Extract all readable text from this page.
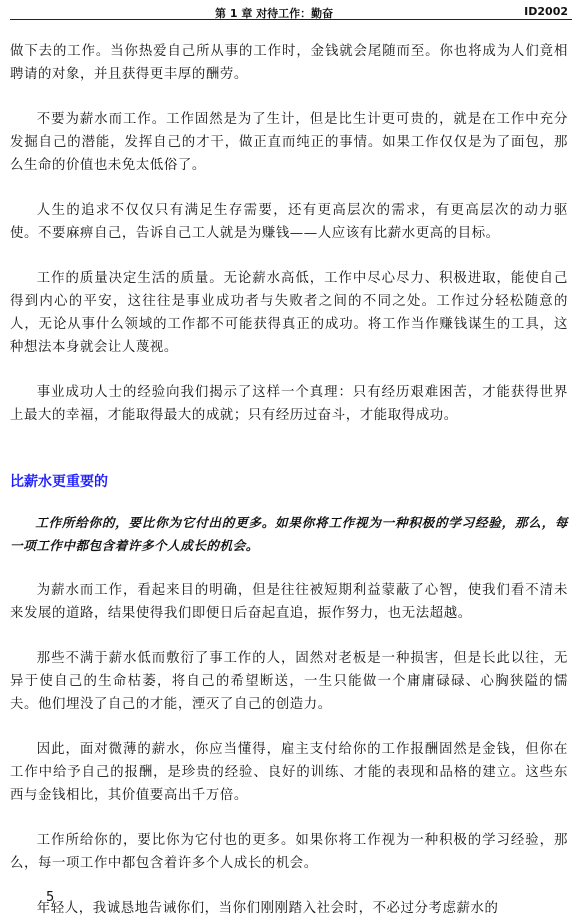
第 1 章 对待工作：勤奋	ID2002

做下去的工作。当你热爱自己所从事的工作时，金钱就会尾随而至。你也将成为人们竟相聘请的对象，并且获得更丰厚的酬劳。

不要为薪水而工作。工作固然是为了生计，但是比生计更可贵的，就是在工作中充分发掘自己的潜能，发挥自己的才干，做正直而纯正的事情。如果工作仅仅是为了面包，那么生命的价值也未免太低俗了。

人生的追求不仅仅只有满足生存需要，还有更高层次的需求，有更高层次的动力驱使。不要麻痹自己，告诉自己工人就是为赚钱——人应该有比薪水更高的目标。

工作的质量决定生活的质量。无论薪水高低，工作中尽心尽力、积极进取，能使自己得到内心的平安，这往往是事业成功者与失败者之间的不同之处。工作过分轻松随意的人，无论从事什么领域的工作都不可能获得真正的成功。将工作当作赚钱谋生的工具，这种想法本身就会让人蔑视。

事业成功人士的经验向我们揭示了这样一个真理：只有经历艰难困苦，才能获得世界上最大的幸福，才能取得最大的成就；只有经历过奋斗，才能取得成功。

比薪水更重要的

工作所给你的，要比你为它付出的更多。如果你将工作视为一种积极的学习经验，那么，每一项工作中都包含着许多个人成长的机会。

为薪水而工作，看起来目的明确，但是往往被短期利益蒙蔽了心智，使我们看不清未来发展的道路，结果使得我们即便日后奋起直追，振作努力，也无法超越。

那些不满于薪水低而敷衍了事工作的人，固然对老板是一种损害，但是长此以往，无异于使自己的生命枯萎，将自己的希望断送，一生只能做一个庸庸碌碌、心胸狭隘的懦夫。他们埋没了自己的才能，湮灭了自己的创造力。

因此，面对微薄的薪水，你应当懂得，雇主支付给你的工作报酬固然是金钱，但你在工作中给予自己的报酬，是珍贵的经验、良好的训练、才能的表现和品格的建立。这些东西与金钱相比，其价值要高出千万倍。

工作所给你的，要比你为它付也的更多。如果你将工作视为一种积极的学习经验，那么，每一项工作中都包含着许多个人成长的机会。

年轻人，我诚恳地告诫你们，当你们刚刚踏入社会时，不必过分考虑薪水的

5
